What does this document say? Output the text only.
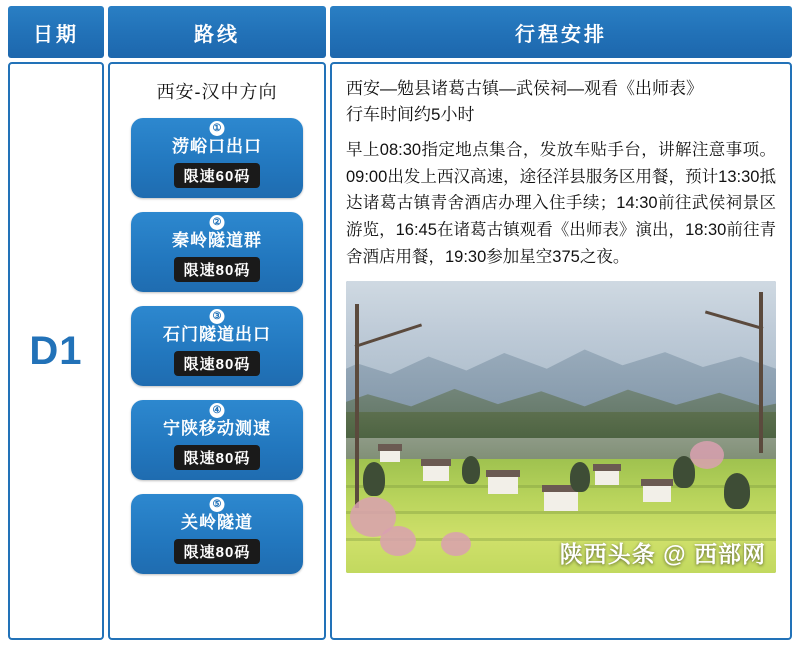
日期	路线	行程安排
D1
西安-汉中方向
①
涝峪口出口
限速60码
②
秦岭隧道群
限速80码
③
石门隧道出口
限速80码
④
宁陕移动测速
限速80码
⑤
关岭隧道
限速80码
西安—勉县诸葛古镇—武侯祠—观看《出师表》
行车时间约5小时
早上08:30指定地点集合，发放车贴手台，讲解注意事项。09:00出发上西汉高速，途径洋县服务区用餐，预计13:30抵达诸葛古镇青舍酒店办理入住手续；14:30前往武侯祠景区游览，16:45在诸葛古镇观看《出师表》演出，18:30前往青舍酒店用餐，19:30参加星空375之夜。
陕西头条 @ 西部网
